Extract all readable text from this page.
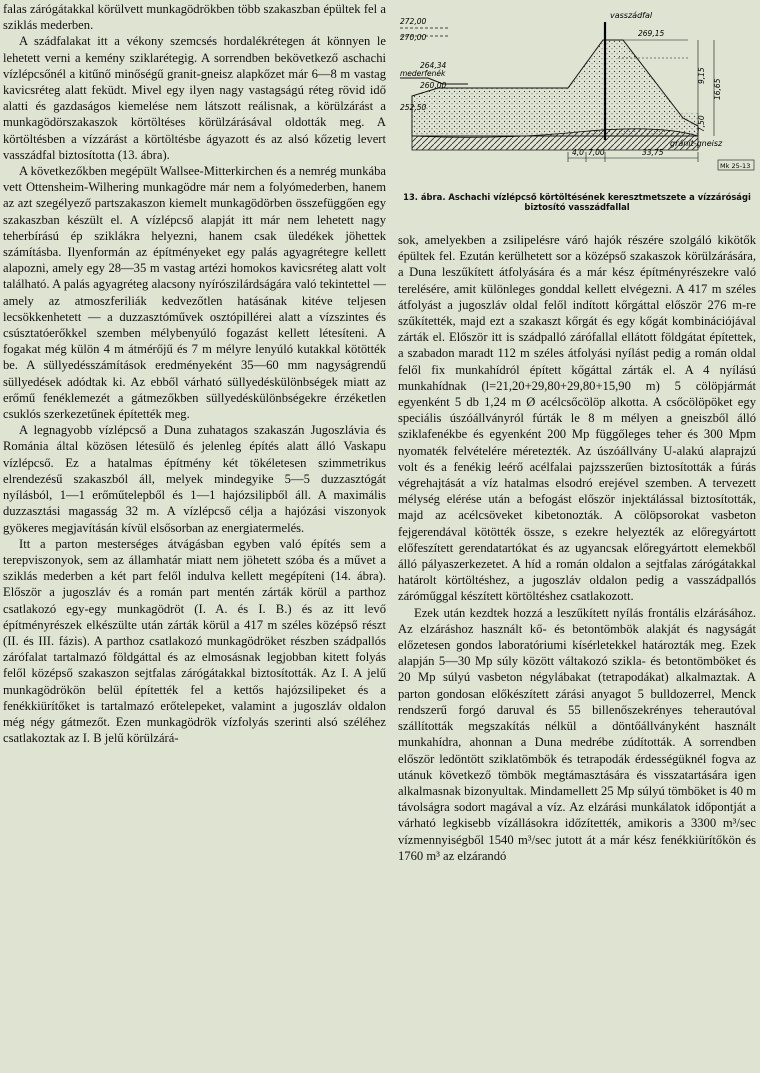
falas zárógátakkal körülvett munkagödrökben több szakaszban épültek fel a sziklás mederben.

A szádfalakat itt a vékony szemcsés hordalékrétegen át könnyen le lehetett verni a kemény sziklarétegig. A sorrendben bekövetkező aschachi vízlépcsőnél a kitűnő minőségű granit-gneisz alapkőzet már 6—8 m vastag kavicsréteg alatt feküdt. Mivel egy ilyen nagy vastagságú réteg rövid idő alatti és gazdaságos kiemelése nem látszott reálisnak, a körülzárást a munkagödörszakaszok körtöltéses körülzárásával oldották meg. A körtöltésben a vízzárást a körtöltésbe ágyazott és az alsó kőzetig levert vasszádfal biztosította (13. ábra).

A következőkben megépült Wallsee-Mitterkirchen és a nemrég munkába vett Ottensheim-Wilhering munkagödre már nem a folyómederben, hanem az azt szegélyező partszakaszon kiemelt munkagödörben összefüggően egy szakaszban készült el. A vízlépcső alapját itt már nem lehetett nagy teherbírású ép sziklákra helyezni, hanem csak üledékek jöhettek számításba. Ilyenformán az építményeket egy palás agyagrétegre kellett alapozni, amely egy 28—35 m vastag artézi homokos kavicsréteg alatt volt található. A palás agyagréteg alacsony nyírószilárdságára való tekintettel — amely az atmoszferiliák kedvezőtlen hatásának kitéve teljesen lecsökkenhetett — a duzzasztóművek osztópillérei alatt a vízszintes és csúsztatóerőkkel szemben mélybenyúló fogazást kellett létesíteni. A fogakat még külön 4 m átmérőjű és 7 m mélyre lenyúló kutakkal kötötték be. A süllyedésszámítások eredményeként 35—60 mm nagyságrendű süllyedések adódtak ki. Az ebből várható süllyedéskülönbségek miatt az erőmű fenéklemezét a gátmezőkben süllyedéskülönbségekre érzéketlen csuklós szerkezetűnek építették meg.

A legnagyobb vízlépcső a Duna zuhatagos szakaszán Jugoszlávia és Románia által közösen létesülő és jelenleg építés alatt álló Vaskapu vízlépcső. Ez a hatalmas építmény két tökéletesen szimmetrikus elrendezésű szakaszból áll, melyek mindegyike 5—5 duzzasztógát nyílásból, 1—1 erőműtelepből és 1—1 hajózsilipből áll. A maximális duzzasztási magasság 32 m. A vízlépcső célja a hajózási viszonyok gyökeres megjavításán kívül elsősorban az energiatermelés.

Itt a parton mesterséges átvágásban egyben való építés sem a terepviszonyok, sem az államhatár miatt nem jöhetett szóba és a művet a sziklás mederben a két part felől indulva kellett megépíteni (14. ábra). Először a jugoszláv és a román part mentén zárták körül a parthoz csatlakozó egy-egy munkagödröt (I. A. és I. B.) és az itt levő építményrészek elkészülte után zárták körül a 417 m széles középső részt (II. és III. fázis). A parthoz csatlakozó munkagödröket részben szádpallós zárófalat tartalmazó földgáttal és az elmosásnak legjobban kitett folyás felől középső szakaszon sejtfalas zárógátakkal biztosították. Az I. A jelű munkagödrökön belül építették fel a kettős hajózsilipeket és a fenékkiürítőket is tartalmazó erőtelepeket, valamint a jugoszláv oldalon még négy gátmezőt. Ezen munkagödrök vízfolyás szerinti alsó széléhez csatlakoztak az I. B jelű körülzárá-

272,00
270,00
vasszádfal
269,15
264,34
mederfenék
260,00
252,50
9,15
16,65
7,50
4,0 7,00	33,75
gránit-gneisz
Mk 25-13
13. ábra. Aschachi vízlépcső körtöltésének keresztmetszete a vízzárósági biztosító vasszádfallal

sok, amelyekben a zsilipelésre váró hajók részére szolgáló kikötők épültek fel. Ezután kerülhetett sor a középső szakaszok körülzárására, a Duna leszűkített átfolyására és a már kész építményrészekre való terelésére, amit különleges gonddal kellett elvégezni. A 417 m széles átfolyást a jugoszláv oldal felől indított kőrgáttal először 276 m-re szűkítették, majd ezt a szakaszt kőrgát és egy kőgát kombinációjával zárták el. Először itt is szádpalló zárófallal ellátott földgátat építettek, a szabadon maradt 112 m széles átfolyási nyílást pedig a román oldal felől fix munkahídról épített kőgáttal zárták el. A 4 nyílású munkahídnak (l=21,20+29,80+29,80+15,90 m) 5 cölöpjármát egyenként 5 db 1,24 m Ø acélcsőcölöp alkotta. A csőcölöpöket egy speciális úszóállványról fúrták le 8 m mélyen a gneiszből álló sziklafenékbe és egyenként 200 Mp függőleges teher és 300 Mpm nyomaték felvételére méretezték. Az úszóállvány U-alakú alaprajzú volt és a fenékig leérő acélfalai pajzsszerűen biztosították a fúrás végrehajtását a víz hatalmas elsodró erejével szemben. A tervezett mélység elérése után a befogást először injektálással biztosították, majd az acélcsöveket kibetonozták. A cölöpsorokat vasbeton fejgerendával kötötték össze, s ezekre helyezték az előregyártott előfeszített gerendatartókat és az ugyancsak előregyártott elemekből álló pályaszerkezetet. A híd a román oldalon a sejtfalas zárógátakkal határolt körtöltéshez, a jugoszláv oldalon pedig a vasszádpallós záróműggal készített körtöltéshez csatlakozott.

Ezek után kezdtek hozzá a leszűkített nyílás frontális elzárásához. Az elzáráshoz használt kő- és betontömbök alakját és nagyságát előzetesen gondos laboratóriumi kísérletekkel határozták meg. Ezek alapján 5—30 Mp súly között váltakozó szikla- és betontömböket és 20 Mp súlyú vasbeton négylábakat (tetrapodákat) alkalmaztak. A parton gondosan előkészített zárási anyagot 5 bulldozerrel, Menck rendszerű forgó daruval és 55 billenőszekrényes teherautóval szállították megszakítás nélkül a döntőállványként használt munkahídra, ahonnan a Duna medrébe zúdították. A sorrendben először ledöntött sziklatömbök és tetrapodák érdességüknél fogva az utánuk következő tömbök megtámasztására és visszatartására igen alkalmasnak bizonyultak. Mindamellett 25 Mp súlyú tömböket is 40 m távolságra sodort magával a víz. Az elzárási munkálatok időpontját a várható legkisebb vízállásokra időzítették, amikoris a 3300 m³/sec vízmennyiségből 1540 m³/sec jutott át a már kész fenékkiürítőkön és 1760 m³ az elzárandó
